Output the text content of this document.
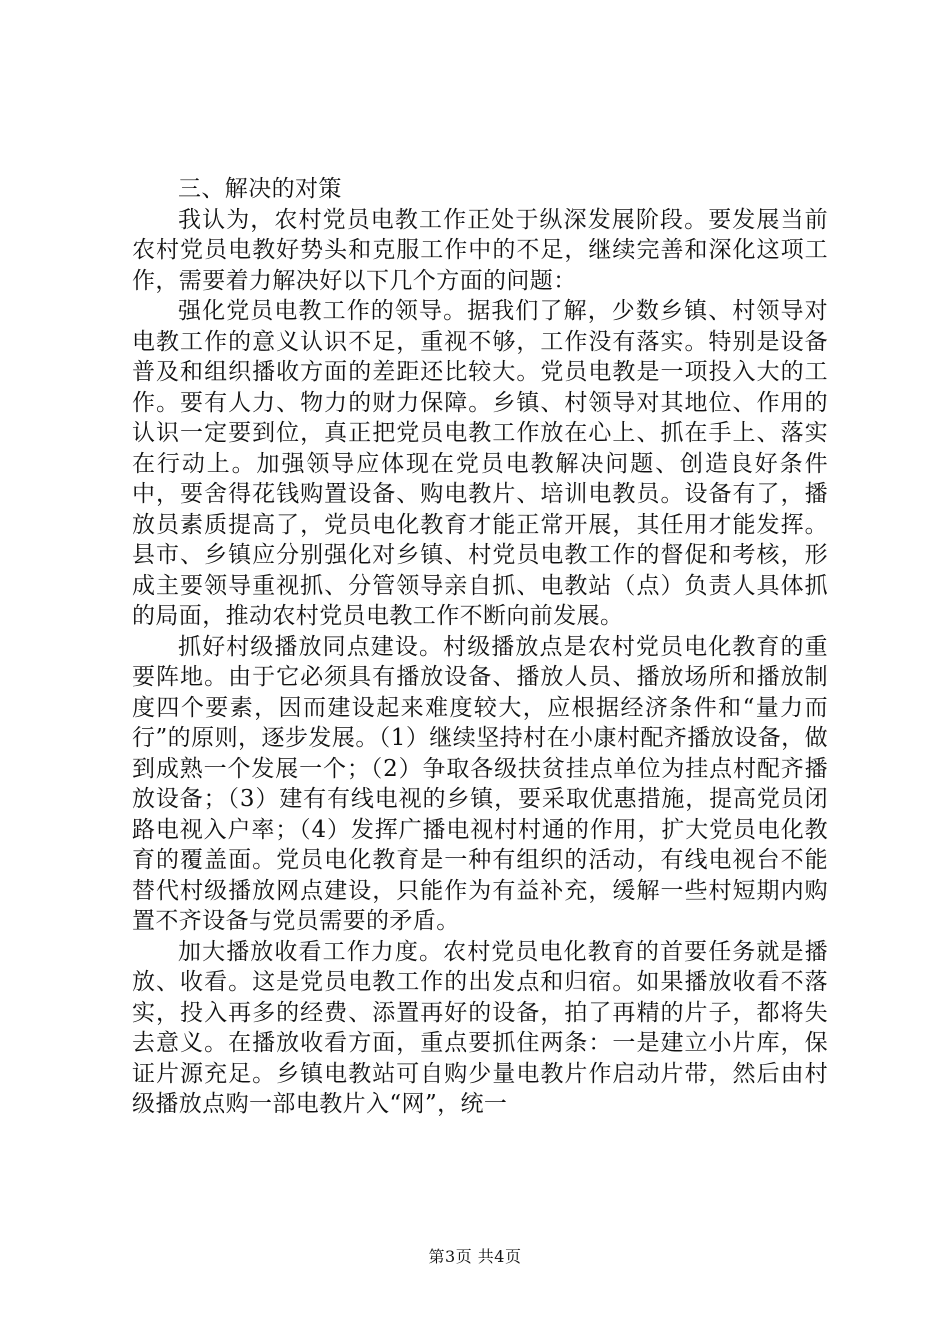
三、解决的对策

我认为，农村党员电教工作正处于纵深发展阶段。要发展当前农村党员电教好势头和克服工作中的不足，继续完善和深化这项工作，需要着力解决好以下几个方面的问题：

强化党员电教工作的领导。据我们了解，少数乡镇、村领导对电教工作的意义认识不足，重视不够，工作没有落实。特别是设备普及和组织播收方面的差距还比较大。党员电教是一项投入大的工作。要有人力、物力的财力保障。乡镇、村领导对其地位、作用的认识一定要到位，真正把党员电教工作放在心上、抓在手上、落实在行动上。加强领导应体现在党员电教解决问题、创造良好条件中，要舍得花钱购置设备、购电教片、培训电教员。设备有了，播放员素质提高了，党员电化教育才能正常开展，其任用才能发挥。县市、乡镇应分别强化对乡镇、村党员电教工作的督促和考核，形成主要领导重视抓、分管领导亲自抓、电教站（点）负责人具体抓的局面，推动农村党员电教工作不断向前发展。

抓好村级播放同点建设。村级播放点是农村党员电化教育的重要阵地。由于它必须具有播放设备、播放人员、播放场所和播放制度四个要素，因而建设起来难度较大，应根据经济条件和“量力而行”的原则，逐步发展。（1）继续坚持村在小康村配齐播放设备，做到成熟一个发展一个；（2）争取各级扶贫挂点单位为挂点村配齐播放设备；（3）建有有线电视的乡镇，要采取优惠措施，提高党员闭路电视入户率；（4）发挥广播电视村村通的作用，扩大党员电化教育的覆盖面。党员电化教育是一种有组织的活动，有线电视台不能替代村级播放网点建设，只能作为有益补充，缓解一些村短期内购置不齐设备与党员需要的矛盾。

加大播放收看工作力度。农村党员电化教育的首要任务就是播放、收看。这是党员电教工作的出发点和归宿。如果播放收看不落实，投入再多的经费、添置再好的设备，拍了再精的片子，都将失去意义。在播放收看方面，重点要抓住两条：一是建立小片库，保证片源充足。乡镇电教站可自购少量电教片作启动片带，然后由村级播放点购一部电教片入“网”，统一

第3页 共4页
